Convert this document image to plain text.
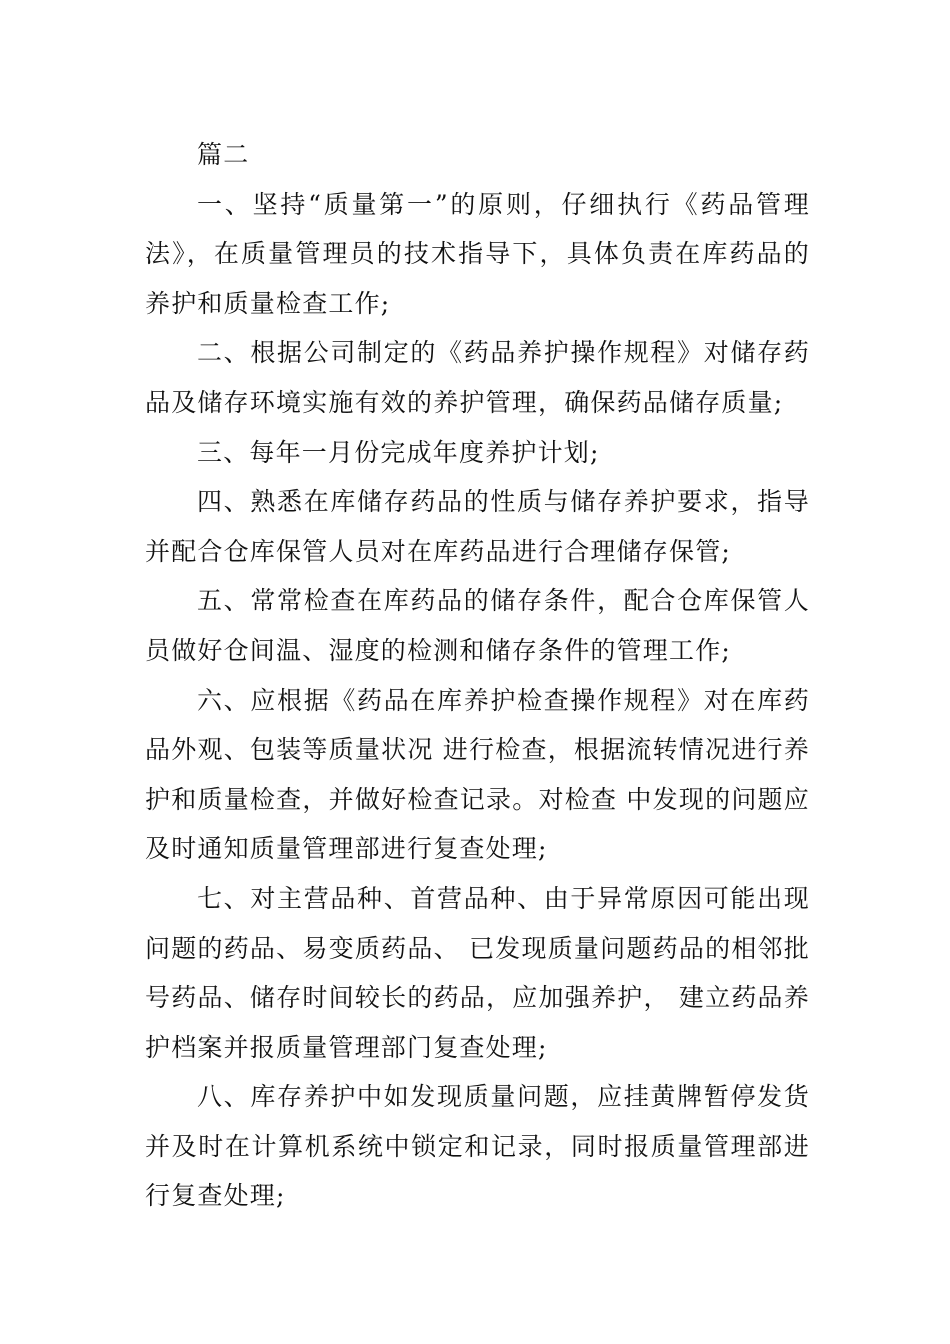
篇二

一、坚持“质量第一”的原则，仔细执行《药品管理法》，在质量管理员的技术指导下，具体负责在库药品的养护和质量检查工作;

二、根据公司制定的《药品养护操作规程》对储存药品及储存环境实施有效的养护管理，确保药品储存质量;

三、每年一月份完成年度养护计划;

四、熟悉在库储存药品的性质与储存养护要求，指导并配合仓库保管人员对在库药品进行合理储存保管;

五、常常检查在库药品的储存条件，配合仓库保管人员做好仓间温、湿度的检测和储存条件的管理工作;

六、应根据《药品在库养护检查操作规程》对在库药品外观、包装等质量状况 进行检查，根据流转情况进行养护和质量检查，并做好检查记录。对检查 中发现的问题应及时通知质量管理部进行复查处理;

七、对主营品种、首营品种、由于异常原因可能出现问题的药品、易变质药品、 已发现质量问题药品的相邻批号药品、储存时间较长的药品，应加强养护， 建立药品养护档案并报质量管理部门复查处理;

八、库存养护中如发现质量问题，应挂黄牌暂停发货并及时在计算机系统中锁定和记录，同时报质量管理部进行复查处理;
